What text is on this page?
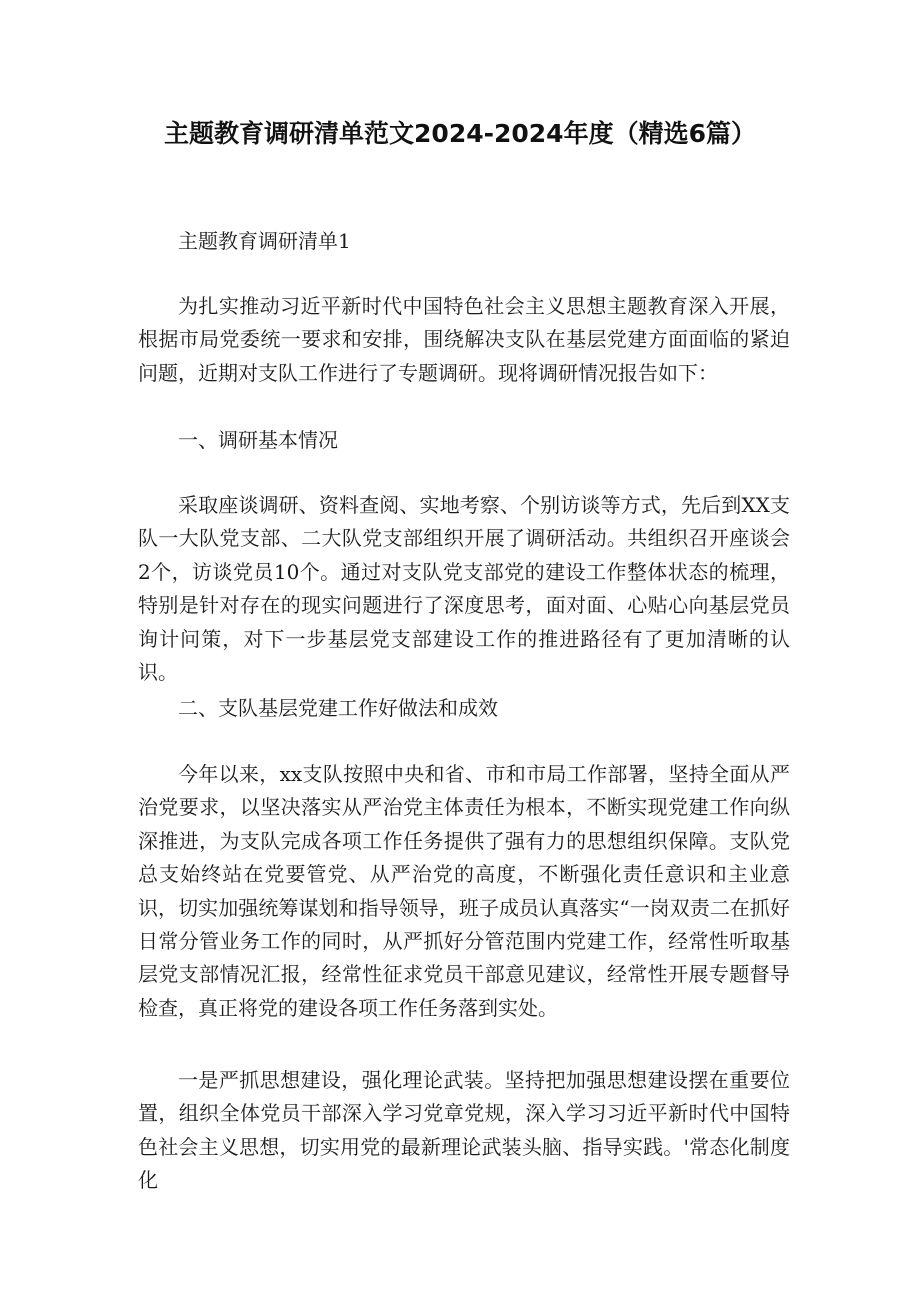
主题教育调研清单范文2024-2024年度（精选6篇）

主题教育调研清单1

为扎实推动习近平新时代中国特色社会主义思想主题教育深入开展，根据市局党委统一要求和安排，围绕解决支队在基层党建方面面临的紧迫问题，近期对支队工作进行了专题调研。现将调研情况报告如下：

一、调研基本情况

采取座谈调研、资料查阅、实地考察、个别访谈等方式，先后到XX支队一大队党支部、二大队党支部组织开展了调研活动。共组织召开座谈会2个，访谈党员10个。通过对支队党支部党的建设工作整体状态的梳理，特别是针对存在的现实问题进行了深度思考，面对面、心贴心向基层党员询计问策，对下一步基层党支部建设工作的推进路径有了更加清晰的认识。

二、支队基层党建工作好做法和成效

今年以来，xx支队按照中央和省、市和市局工作部署，坚持全面从严治党要求，以坚决落实从严治党主体责任为根本，不断实现党建工作向纵深推进，为支队完成各项工作任务提供了强有力的思想组织保障。支队党总支始终站在党要管党、从严治党的高度，不断强化责任意识和主业意识，切实加强统筹谋划和指导领导，班子成员认真落实“一岗双责二在抓好日常分管业务工作的同时，从严抓好分管范围内党建工作，经常性听取基层党支部情况汇报，经常性征求党员干部意见建议，经常性开展专题督导检查，真正将党的建设各项工作任务落到实处。

一是严抓思想建设，强化理论武装。坚持把加强思想建设摆在重要位置，组织全体党员干部深入学习党章党规，深入学习习近平新时代中国特色社会主义思想，切实用党的最新理论武装头脑、指导实践。'常态化制度化
